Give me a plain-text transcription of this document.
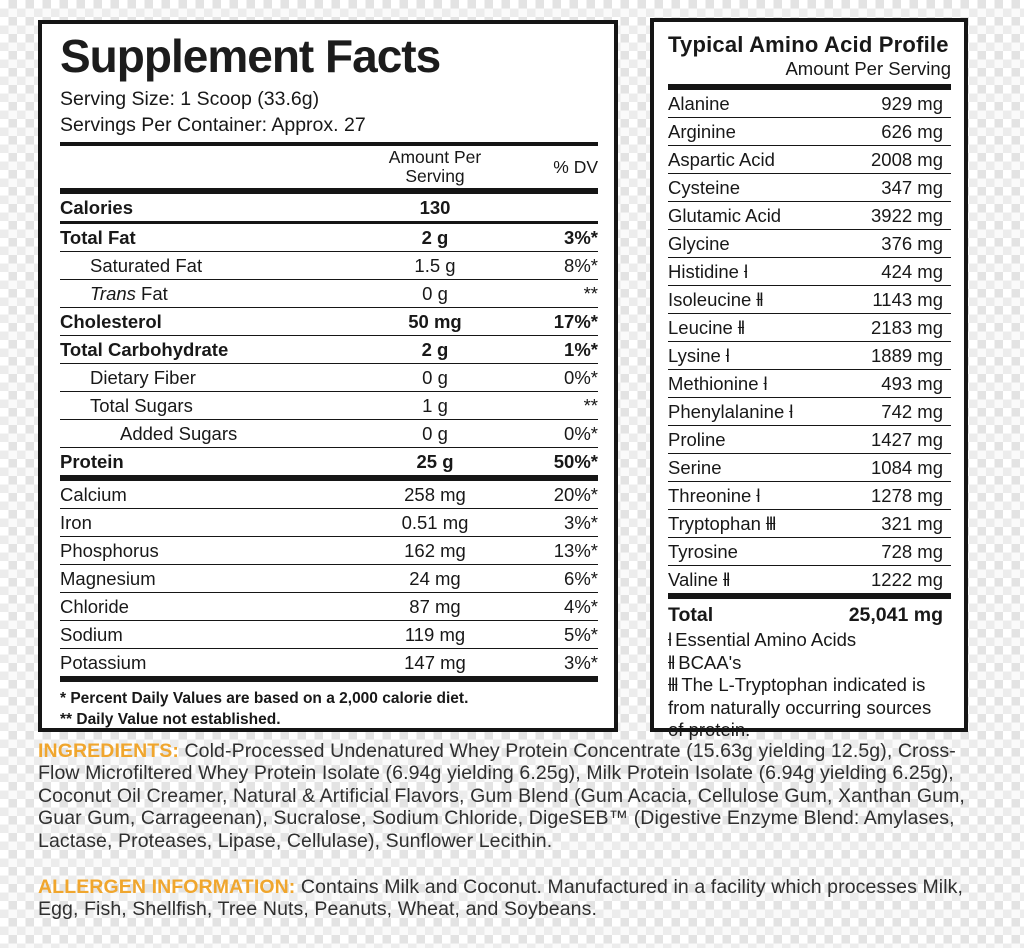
Supplement Facts
Serving Size: 1 Scoop (33.6g)
Servings Per Container: Approx. 27
Amount Per
Serving	% DV
Calories	130
Total Fat	2 g	3%*
Saturated Fat	1.5 g	8%*
Trans Fat	0 g	**
Cholesterol	50 mg	17%*
Total Carbohydrate	2 g	1%*
Dietary Fiber	0 g	0%*
Total Sugars	1 g	**
Added Sugars	0 g	0%*
Protein	25 g	50%*
Calcium	258 mg	20%*
Iron	0.51 mg	3%*
Phosphorus	162 mg	13%*
Magnesium	24 mg	6%*
Chloride	87 mg	4%*
Sodium	119 mg	5%*
Potassium	147 mg	3%*
* Percent Daily Values are based on a 2,000 calorie diet.
** Daily Value not established.
Typical Amino Acid Profile
Amount Per Serving
Alanine	929 mg
Arginine	626 mg
Aspartic Acid	2008 mg
Cysteine	347 mg
Glutamic Acid	3922 mg
Glycine	376 mg
Histidine l	424 mg
Isoleucine ll	1143 mg
Leucine ll	2183 mg
Lysine l	1889 mg
Methionine l	493 mg
Phenylalanine l	742 mg
Proline	1427 mg
Serine	1084 mg
Threonine l	1278 mg
Tryptophan lll	321 mg
Tyrosine	728 mg
Valine ll	1222 mg
Total	25,041 mg
l Essential Amino Acids
ll BCAA's
lll The L-Tryptophan indicated is from naturally occurring sources of protein.
INGREDIENTS: Cold-Processed Undenatured Whey Protein Concentrate (15.63g yielding 12.5g), Cross-Flow Microfiltered Whey Protein Isolate (6.94g yielding 6.25g), Milk Protein Isolate (6.94g yielding 6.25g), Coconut Oil Creamer, Natural & Artificial Flavors, Gum Blend (Gum Acacia, Cellulose Gum, Xanthan Gum, Guar Gum, Carrageenan), Sucralose, Sodium Chloride, DigeSEB™ (Digestive Enzyme Blend: Amylases, Lactase, Proteases, Lipase, Cellulase), Sunflower Lecithin.
ALLERGEN INFORMATION: Contains Milk and Coconut. Manufactured in a facility which processes Milk, Egg, Fish, Shellfish, Tree Nuts, Peanuts, Wheat, and Soybeans.
